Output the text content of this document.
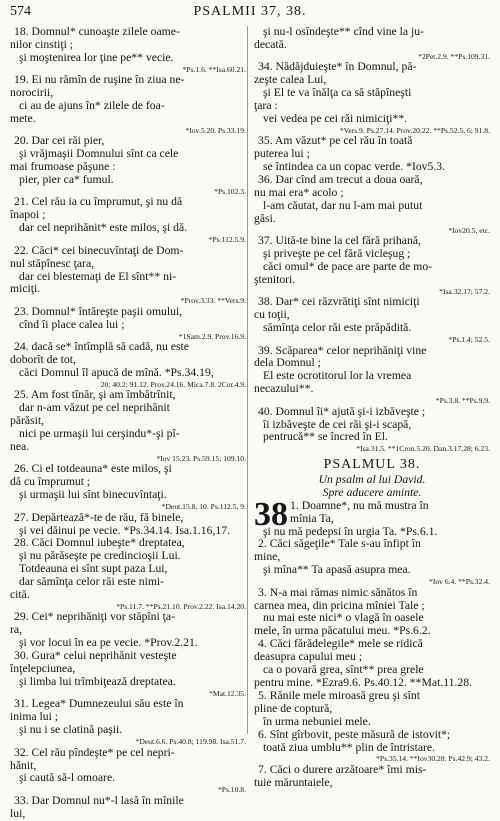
574	PSALMII 37, 38.
18. Domnul* cunoaşte zilele oame-
nilor cinstiţi ;
şi moştenirea lor ţine pe** vecie.
*Ps.1.6. **Isa.60.21.
19. Ei nu rămîn de ruşine în ziua ne-
norocirii,
ci au de ajuns în* zilele de foa-
mete.
*Iov.5.20. Ps.33.19.
20. Dar cei răi pier,
şi vrăjmaşii Domnului sînt ca cele
mai frumoase păşune :
pier, pier ca* fumul.
*Ps.102.3.
21. Cel rău ia cu împrumut, şi nu dă
înapoi ;
dar cel neprihănit* este milos, şi dă.
*Ps.112.5.9.
22. Căci* cei binecuvîntaţi de Dom-
nul stăpînesc ţara,
dar cei blestemaţi de El sînt** ni-
miciţi.
*Prov.3.33. **Vers.9.
23. Domnul* întăreşte paşii omului,
cînd îi place calea lui ;
*1Sam.2.9. Prov.16.9.
24. dacă se* întîmplă să cadă, nu este
doborît de tot,
căci Domnul îl apucă de mînă. *Ps.34.19,
20; 40.2; 91.12. Prov.24.16. Mica.7.8. 2Cor.4.9.
25. Am fost tînăr, şi am îmbătrînit,
dar n-am văzut pe cel neprihănit
părăsit,
nici pe urmaşii lui cerşindu*-şi pî-
nea.
*Iov 15.23. Ps.59.15; 109.10.
26. Ci el totdeauna* este milos, şi
dă cu împrumut ;
şi urmaşii lui sînt binecuvîntaţi.
*Deut.15.8, 10. Ps.112.5, 9.
27. Depărtează*-te de rău, fă binele,
şi vei dăinui pe vecie. *Ps.34.14. Isa.1.16,17.
28. Căci Domnul iubeşte* dreptatea,
şi nu părăseşte pe credincioşii Lui.
Totdeauna ei sînt supt paza Lui,
dar sămînţa celor răi este nimi-
cită.
*Ps.11.7. **Ps.21.10. Prov.2.22. Isa.14.20.
29. Cei* neprihăniţi vor stăpîni ţa-
ra,
şi vor locui în ea pe vecie. *Prov.2.21.
30. Gura* celui neprihănit vesteşte
înţelepciunea,
şi limba lui trîmbiţează dreptatea.
*Mat.12.35.
31. Legea* Dumnezeului său este în
inima lui ;
şi nu i se clatină paşii.
*Deut.6.6. Ps.40.8; 119.98. Isa.51.7.
32. Cel rău pîndeşte* pe cel nepri-
hănit,
şi caută să-l omoare.
*Ps.10.8.
33. Dar Domnul nu*-l lasă în mînile
lui,
şi nu-l osîndeşte** cînd vine la ju-
decată.
*2Pet.2.9. **Ps.109.31.
34. Nădăjduieşte* în Domnul, pă-
zeşte calea Lui,
şi El te va înălţa ca să stăpîneşti
ţara :
vei vedea pe cei răi nimiciţi**.
*Vers.9. Ps.27.14. Prov.20.22. **Ps.52.5, 6; 91.8.
35. Am văzut* pe cel rău în toată
puterea lui ;
se întindea ca un copac verde. *Iov5.3.
36. Dar cînd am trecut a doua oară,
nu mai era* acolo ;
l-am căutat, dar nu l-am mai putut
găsi.
*Iov20.5, etc.
37. Uită-te bine la cel fără prihană,
şi priveşte pe cel fără vicleşug ;
căci omul* de pace are parte de mo-
ştenitori.
*Isa.32.17; 57.2.
38. Dar* cei răzvrătiţi sînt nimiciţi
cu toţii,
sămînţa celor răi este prăpădită.
*Ps.1.4; 52.5.
39. Scăparea* celor neprihăniţi vine
dela Domnul ;
El este ocrotitorul lor la vremea
necazului**.
*Ps.3.8. **Ps.9.9.
40. Domnul îi* ajută şi-i izbăveşte ;
îi izbăveşte de cei răi şi-i scapă,
pentrucă** se încred în El.
*Isa.31.5. **1Cron.5.20. Dan.3.17,28; 6.23.
PSALMUL 38.
Un psalm al lui David.
Spre aducere aminte.
1. Doamne*, nu mă mustra în
38 mînia Ta,
şi nu mă pedepsi în urgia Ta. *Ps.6.1.
2. Căci săgeţile* Tale s-au înfipt în
mine,
şi mîna** Ta apasă asupra mea.
*Iov 6.4. **Ps.32.4.
3. N-a mai rămas nimic sănătos în
carnea mea, din pricina mîniei Tale ;
nu mai este nici* o vlagă în oasele
mele, în urma păcatului meu. *Ps.6.2.
4. Căci fărădelegile* mele se ridică
deasupra capului meu ;
ca o povară grea, sînt** prea grele
pentru mine. *Ezra9.6. Ps.40.12. **Mat.11.28.
5. Rănile mele miroasă greu şi sînt
pline de coptură,
în urma nebuniei mele.
6. Sînt gîrbovit, peste măsură de istovit*;
toată ziua umblu** plin de întristare.
*Ps.35.14. **Iov30.28. Ps.42.9; 43.2.
7. Căci o durere arzătoare* îmi mis-
tuie măruntaiele,
